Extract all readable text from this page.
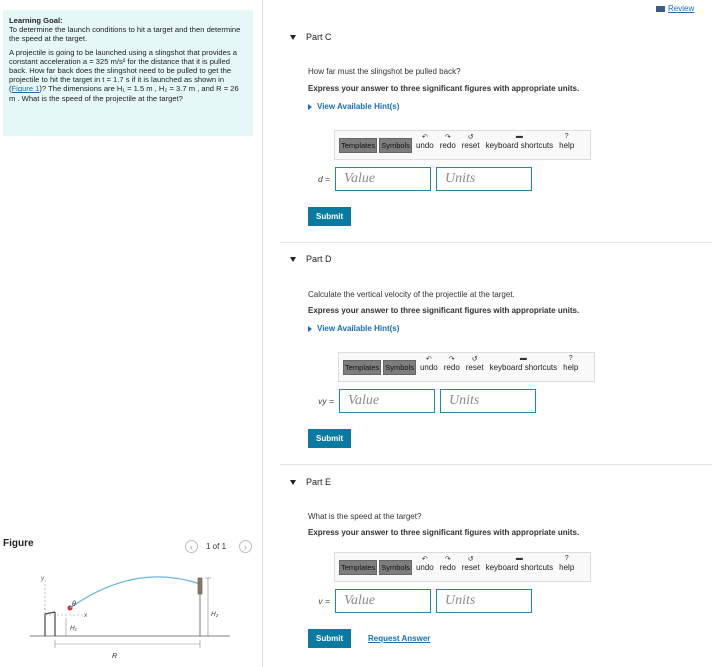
Review

Learning Goal:
To determine the launch conditions to hit a target and then determine the speed at the target.

A projectile is going to be launched using a slingshot that provides a constant acceleration a = 325 m/s² for the distance that it is pulled back. How far back does the slingshot need to be pulled to get the projectile to hit the target in t = 1.7 s if it is launched as shown in (Figure 1)? The dimensions are H₁ = 1.5 m , H₂ = 3.7 m , and R = 26 m . What is the speed of the projectile at the target?

Figure	‹	1 of 1	›
y
x
θ
H₂
H₁
R
Part C
How far must the slingshot be pulled back?
Express your answer to three significant figures with appropriate units.
View Available Hint(s)
Templates Symbols
↶
undo
↷
redo
↺
reset
▬
keyboard shortcuts
?
help
d =	Value	Units
Submit
Part D
Calculate the vertical velocity of the projectile at the target.
Express your answer to three significant figures with appropriate units.
View Available Hint(s)
Templates Symbols
↶
undo
↷
redo
↺
reset
▬
keyboard shortcuts
?
help
vy =	Value	Units
Submit
Part E
What is the speed at the target?
Express your answer to three significant figures with appropriate units.
Templates Symbols
↶
undo
↷
redo
↺
reset
▬
keyboard shortcuts
?
help
v =	Value	Units
Submit	Request Answer
